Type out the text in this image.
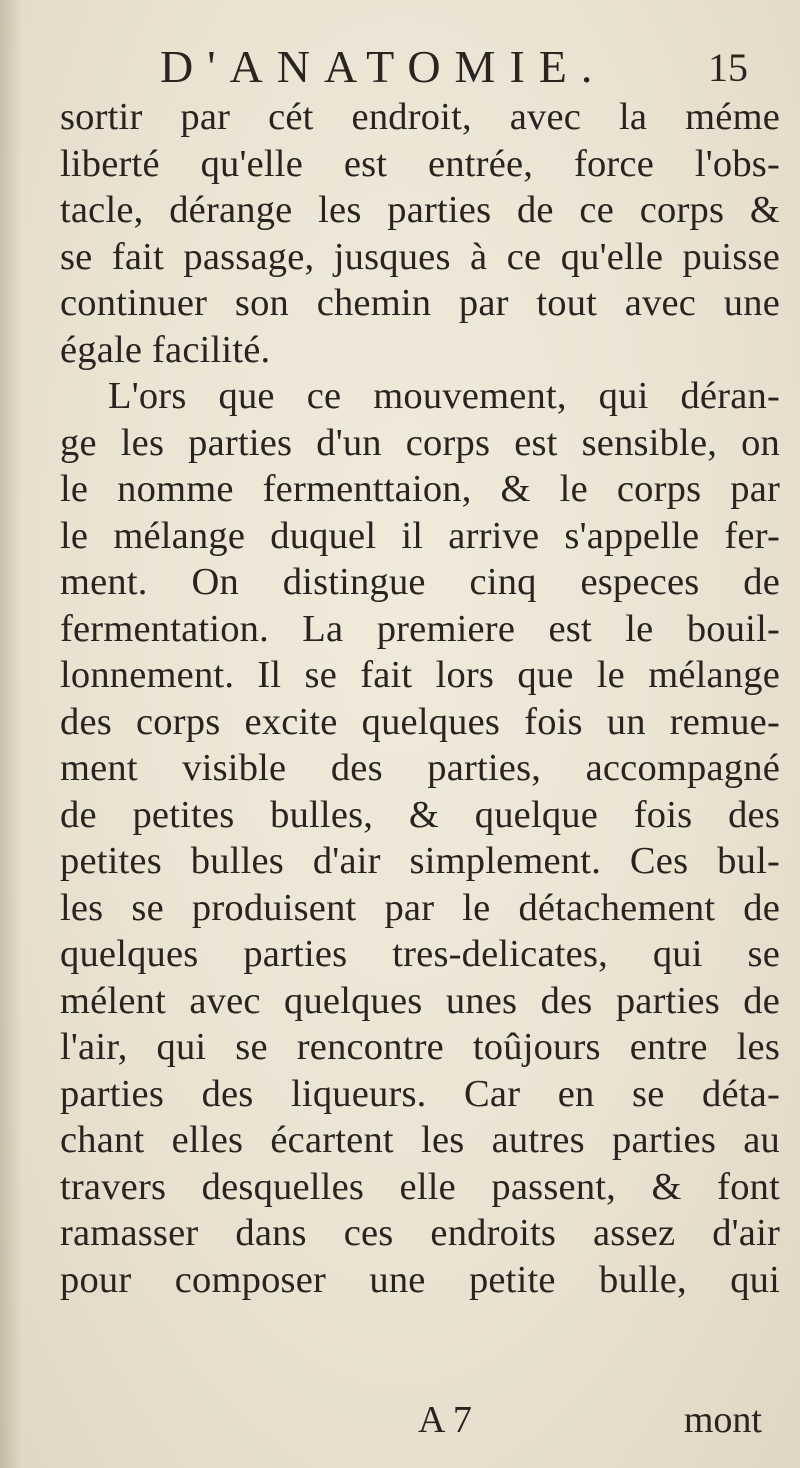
D'ANATOMIE.	15
sortir par cét endroit, avec la méme
liberté qu'elle est entrée, force l'obs-
tacle, dérange les parties de ce corps &
se fait passage, jusques à ce qu'elle puisse
continuer son chemin par tout avec une
égale facilité.
L'ors que ce mouvement, qui déran-
ge les parties d'un corps est sensible, on
le nomme fermenttaion, & le corps par
le mélange duquel il arrive s'appelle fer-
ment. On distingue cinq especes de
fermentation. La premiere est le bouil-
lonnement. Il se fait lors que le mélange
des corps excite quelques fois un remue-
ment visible des parties, accompagné
de petites bulles, & quelque fois des
petites bulles d'air simplement. Ces bul-
les se produisent par le détachement de
quelques parties tres-delicates, qui se
mélent avec quelques unes des parties de
l'air, qui se rencontre toûjours entre les
parties des liqueurs. Car en se déta-
chant elles écartent les autres parties au
travers desquelles elle passent, & font
ramasser dans ces endroits assez d'air
pour composer une petite bulle, qui
A 7	mont
